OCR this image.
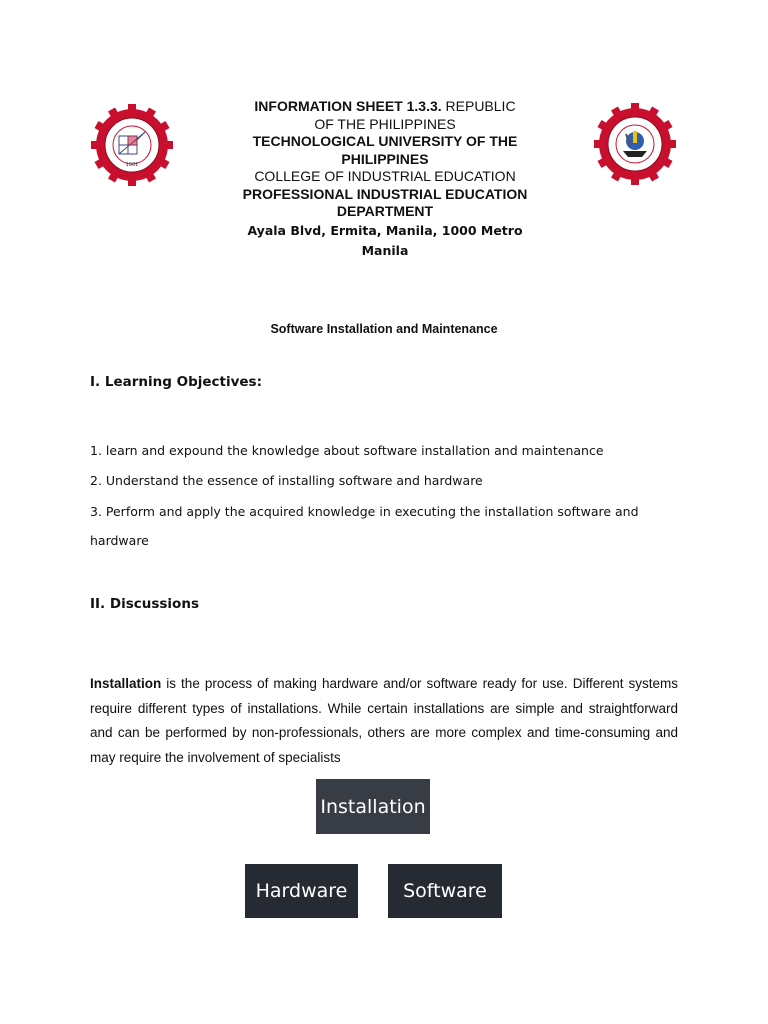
1901
INFORMATION SHEET 1.3.3. REPUBLIC
OF THE PHILIPPINES
TECHNOLOGICAL UNIVERSITY OF THE
PHILIPPINES
COLLEGE OF INDUSTRIAL EDUCATION
PROFESSIONAL INDUSTRIAL EDUCATION
DEPARTMENT
Ayala Blvd, Ermita, Manila, 1000 Metro
Manila
Software Installation and Maintenance
I. Learning Objectives:
1. learn and expound the knowledge about software installation and maintenance
2. Understand the essence of installing software and hardware
3. Perform and apply the acquired knowledge in executing the installation software and hardware
II. Discussions
Installation is the process of making hardware and/or software ready for use. Different systems require different types of installations. While certain installations are simple and straightforward and can be performed by non-professionals, others are more complex and time-consuming and may require the involvement of specialists
Installation
Hardware	Software
